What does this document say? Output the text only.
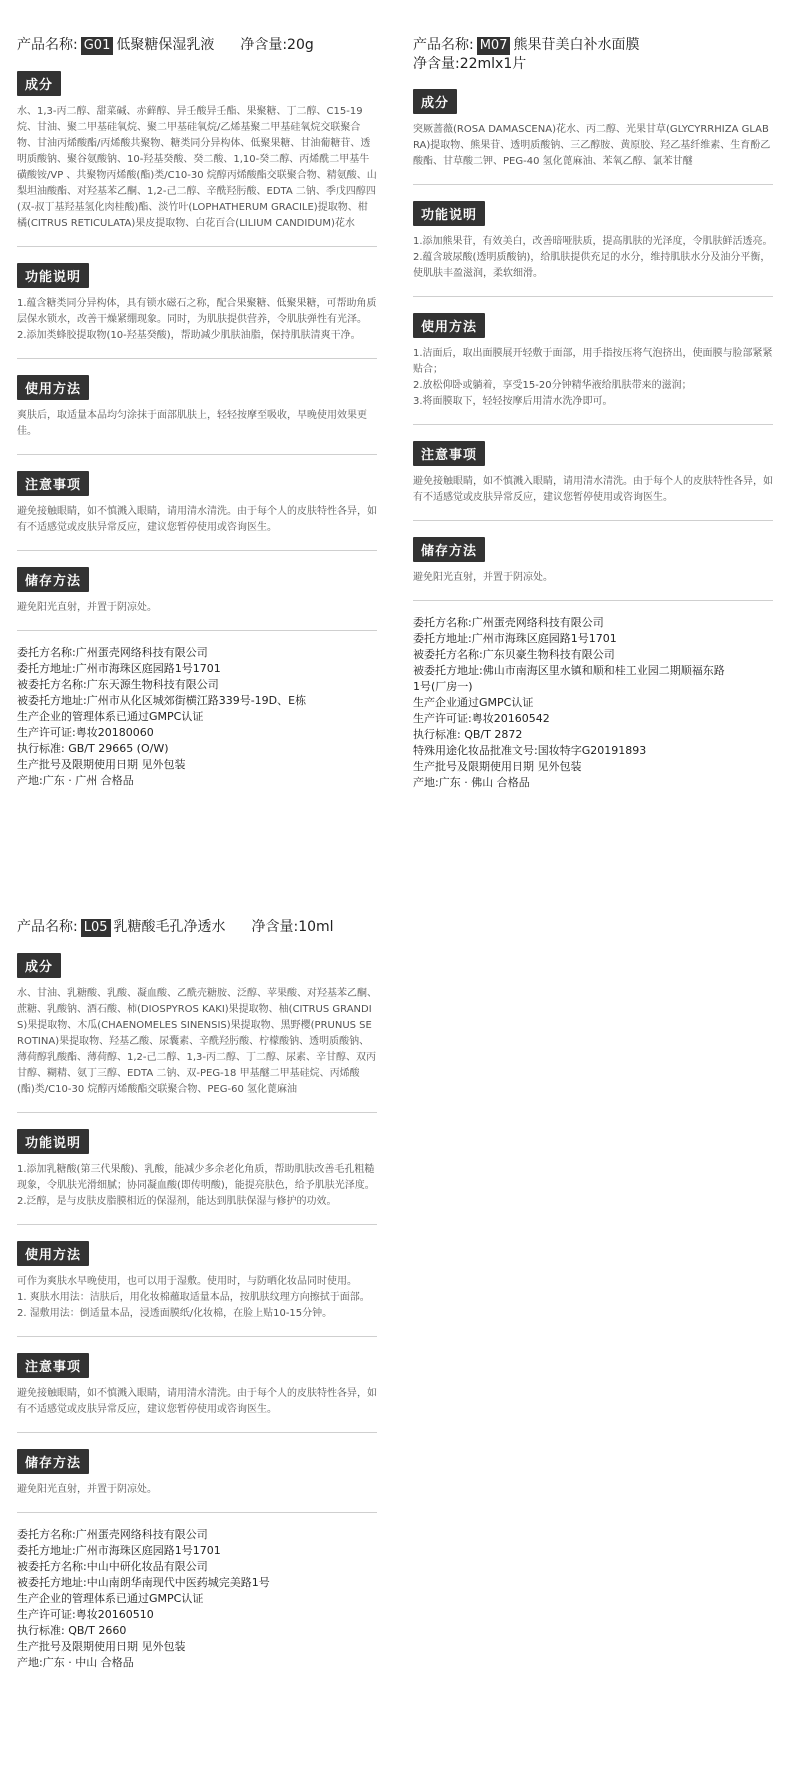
产品名称: G01 低聚糖保湿乳液 净含量:20g
成分
水、1,3-丙二醇、甜菜碱、赤藓醇、异壬酸异壬酯、果聚糖、丁二醇、C15-19 烷、甘油、聚二甲基硅氧烷、聚二甲基硅氧烷/乙烯基聚二甲基硅氧烷交联聚合物、甘油丙烯酸酯/丙烯酸共聚物、糖类同分异构体、低聚果糖、甘油葡糖苷、透明质酸钠、聚谷氨酸钠、10-羟基癸酸、癸二酸、1,10-癸二醇、丙烯酰二甲基牛磺酸铵/VP 、共聚物丙烯酸(酯)类/C10-30 烷醇丙烯酸酯交联聚合物、精氨酸、山梨坦油酸酯、对羟基苯乙酮、1,2-己二醇、辛酰羟肟酸、EDTA 二钠、季戊四醇四(双-叔丁基羟基氢化肉桂酸)酯、淡竹叶(LOPHATHERUM GRACILE)提取物、柑橘(CITRUS RETICULATA)果皮提取物、白花百合(LILIUM CANDIDUM)花水
功能说明
1.蕴含糖类同分异构体，具有锁水磁石之称，配合果聚糖、低聚果糖，可帮助角质层保水锁水，改善干燥紧绷现象。同时，为肌肤提供营养，令肌肤弹性有光泽。
2.添加类蜂胶提取物(10-羟基癸酸)，帮助减少肌肤油脂，保持肌肤清爽干净。
使用方法
爽肤后，取适量本品均匀涂抹于面部肌肤上，轻轻按摩至吸收，早晚使用效果更佳。
注意事项
避免接触眼睛，如不慎溅入眼睛，请用清水清洗。由于每个人的皮肤特性各异，如有不适感觉或皮肤异常反应，建议您暂停使用或咨询医生。
储存方法
避免阳光直射，并置于阴凉处。
委托方名称:广州蛋壳网络科技有限公司
委托方地址:广州市海珠区庭园路1号1701
被委托方名称:广东天源生物科技有限公司
被委托方地址:广州市从化区城郊街横江路339号-19D、E栋
生产企业的管理体系已通过GMPC认证
生产许可证:粤妆20180060
执行标准: GB/T 29665 (O/W)
生产批号及限期使用日期 见外包装
产地:广东 · 广州 合格品
产品名称: M07 熊果苷美白补水面膜
净含量:22mlx1片
成分
突厥蔷薇(ROSA DAMASCENA)花水、丙二醇、光果甘草(GLYCYRRHIZA GLABRA)提取物、熊果苷、透明质酸钠、三乙醇胺、黄原胶、羟乙基纤维素、生育酚乙酸酯、甘草酸二钾、PEG-40 氢化蓖麻油、苯氧乙醇、氯苯甘醚
功能说明
1.添加熊果苷，有效美白，改善暗哑肤质，提高肌肤的光泽度，令肌肤鲜活透亮。
2.蕴含玻尿酸(透明质酸钠)，给肌肤提供充足的水分，维持肌肤水分及油分平衡，使肌肤丰盈滋润，柔软细滑。
使用方法
1.洁面后，取出面膜展开轻敷于面部，用手指按压将气泡挤出，使面膜与脸部紧紧贴合；
2.放松仰卧或躺着，享受15-20分钟精华液给肌肤带来的滋润；
3.将面膜取下，轻轻按摩后用清水洗净即可。
注意事项
避免接触眼睛，如不慎溅入眼睛，请用清水清洗。由于每个人的皮肤特性各异，如有不适感觉或皮肤异常反应，建议您暂停使用或咨询医生。
储存方法
避免阳光直射，并置于阴凉处。
委托方名称:广州蛋壳网络科技有限公司
委托方地址:广州市海珠区庭园路1号1701
被委托方名称:广东贝豪生物科技有限公司
被委托方地址:佛山市南海区里水镇和顺和桂工业园二期顺福东路
1号(厂房一)
生产企业通过GMPC认证
生产许可证:粤妆20160542
执行标准: QB/T 2872
特殊用途化妆品批准文号:国妆特字G20191893
生产批号及限期使用日期 见外包装
产地:广东 · 佛山 合格品
产品名称: L05 乳糖酸毛孔净透水 净含量:10ml
成分
水、甘油、乳糖酸、乳酸、凝血酸、乙酰壳糖胺、泛醇、苹果酸、对羟基苯乙酮、蔗糖、乳酸钠、酒石酸、柿(DIOSPYROS KAKI)果提取物、柚(CITRUS GRANDIS)果提取物、木瓜(CHAENOMELES SINENSIS)果提取物、黑野樱(PRUNUS SEROTINA)果提取物、羟基乙酸、尿囊素、辛酰羟肟酸、柠檬酸钠、透明质酸钠、薄荷醇乳酸酯、薄荷醇、1,2-己二醇、1,3-丙二醇、丁二醇、尿素、辛甘醇、双丙甘醇、糊精、氨丁三醇、EDTA 二钠、双-PEG-18 甲基醚二甲基硅烷、丙烯酸(酯)类/C10-30 烷醇丙烯酸酯交联聚合物、PEG-60 氢化蓖麻油
功能说明
1.添加乳糖酸(第三代果酸)、乳酸，能减少多余老化角质，帮助肌肤改善毛孔粗糙现象，令肌肤光滑细腻；协同凝血酸(即传明酸)，能提亮肤色，给予肌肤光泽度。
2.泛醇，是与皮肤皮脂膜相近的保湿剂，能达到肌肤保湿与修护的功效。
使用方法
可作为爽肤水早晚使用，也可以用于湿敷。使用时，与防晒化妆品同时使用。
1. 爽肤水用法：洁肤后，用化妆棉蘸取适量本品，按肌肤纹理方向擦拭于面部。
2. 湿敷用法：倒适量本品，浸透面膜纸/化妆棉，在脸上贴10-15分钟。
注意事项
避免接触眼睛，如不慎溅入眼睛，请用清水清洗。由于每个人的皮肤特性各异，如有不适感觉或皮肤异常反应，建议您暂停使用或咨询医生。
储存方法
避免阳光直射，并置于阴凉处。
委托方名称:广州蛋壳网络科技有限公司
委托方地址:广州市海珠区庭园路1号1701
被委托方名称:中山中研化妆品有限公司
被委托方地址:中山南朗华南现代中医药城完美路1号
生产企业的管理体系已通过GMPC认证
生产许可证:粤妆20160510
执行标准: QB/T 2660
生产批号及限期使用日期 见外包装
产地:广东 · 中山 合格品
